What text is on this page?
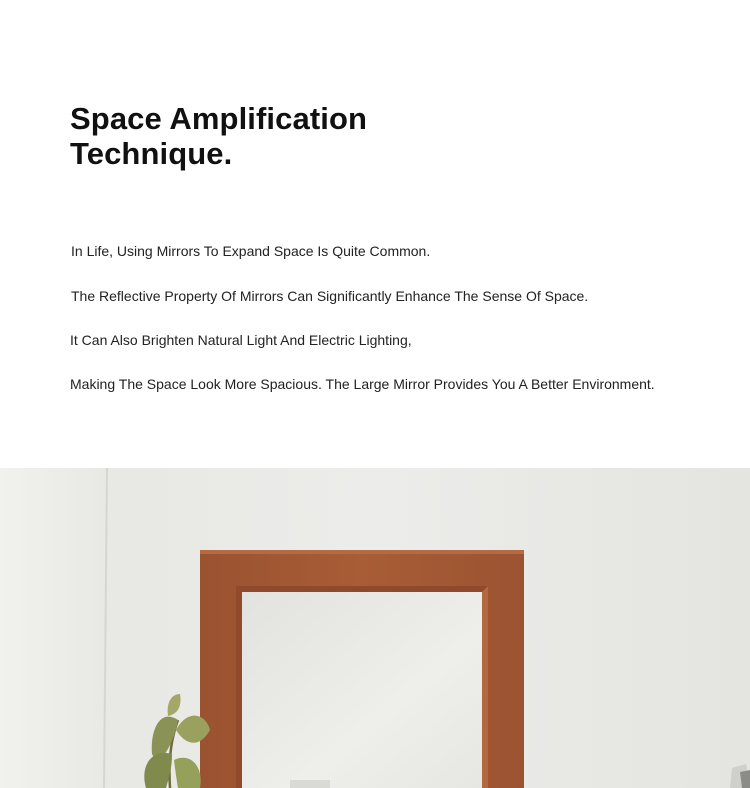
Space Amplification
Technique.

In Life, Using Mirrors To Expand Space Is Quite Common.

The Reflective Property Of Mirrors Can Significantly Enhance The Sense Of Space.

It Can Also Brighten Natural Light And Electric Lighting,

Making The Space Look More Spacious. The Large Mirror Provides You A Better Environment.
